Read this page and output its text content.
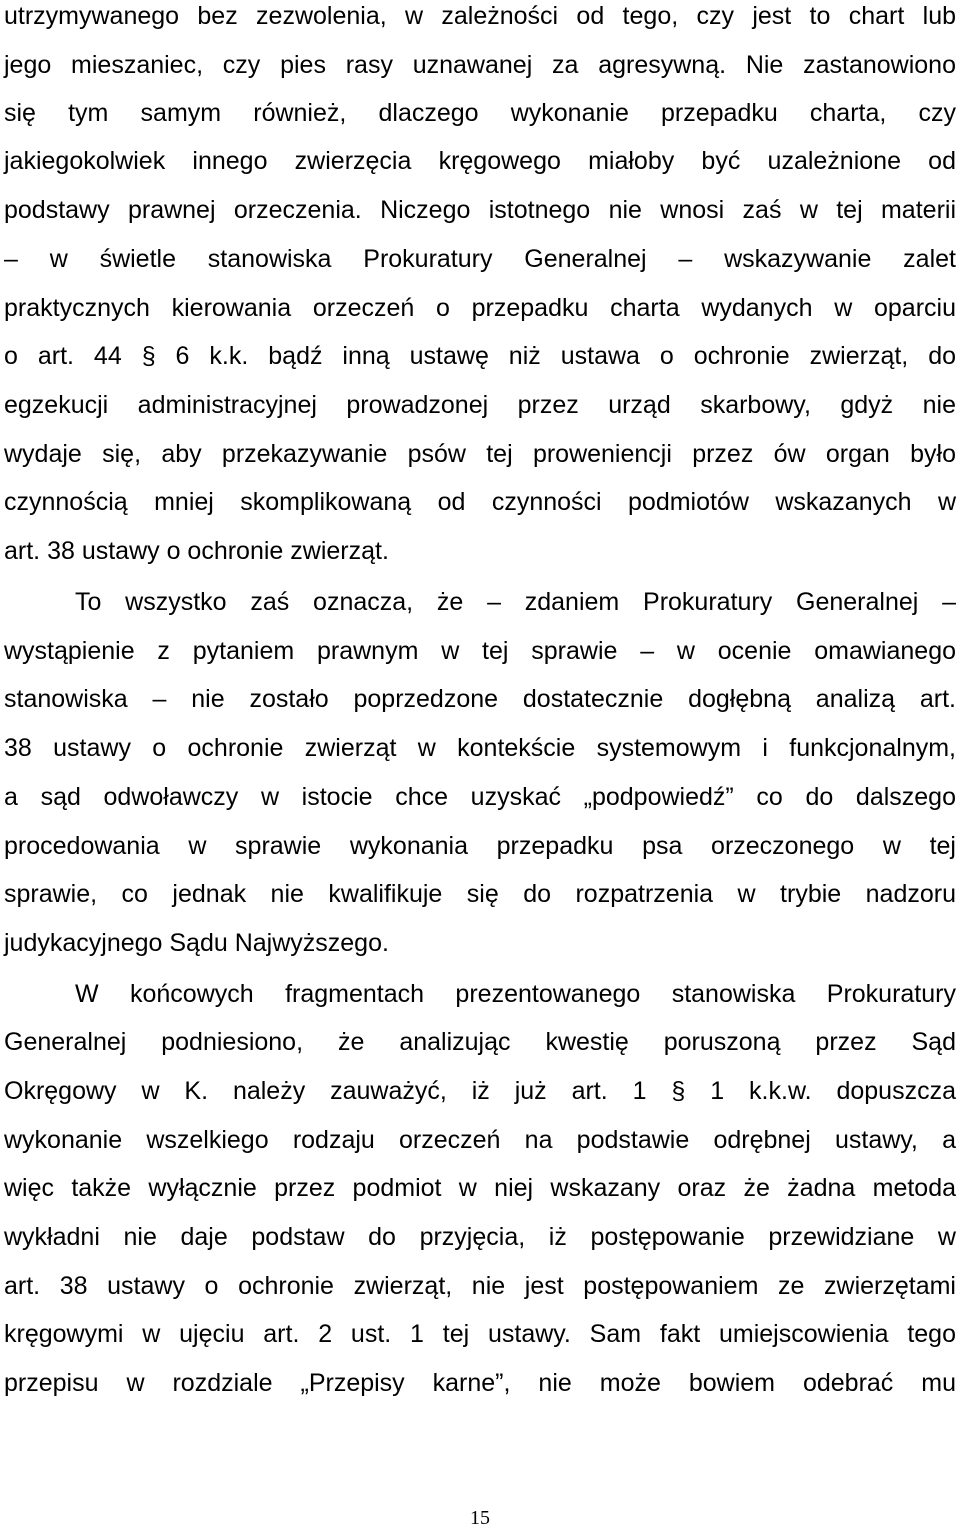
utrzymywanego bez zezwolenia, w zależności od tego, czy jest to chart lub
jego mieszaniec, czy pies rasy uznawanej za agresywną. Nie zastanowiono
się tym samym również, dlaczego wykonanie przepadku charta, czy
jakiegokolwiek innego zwierzęcia kręgowego miałoby być uzależnione od
podstawy prawnej orzeczenia. Niczego istotnego nie wnosi zaś w tej materii
– w świetle stanowiska Prokuratury Generalnej – wskazywanie zalet
praktycznych kierowania orzeczeń o przepadku charta wydanych w oparciu
o art. 44 § 6 k.k. bądź inną ustawę niż ustawa o ochronie zwierząt, do
egzekucji administracyjnej prowadzonej przez urząd skarbowy, gdyż nie
wydaje się, aby przekazywanie psów tej proweniencji przez ów organ było
czynnością mniej skomplikowaną od czynności podmiotów wskazanych w
art. 38 ustawy o ochronie zwierząt.
To wszystko zaś oznacza, że – zdaniem Prokuratury Generalnej –
wystąpienie z pytaniem prawnym w tej sprawie – w ocenie omawianego
stanowiska – nie zostało poprzedzone dostatecznie dogłębną analizą art.
38 ustawy o ochronie zwierząt w kontekście systemowym i funkcjonalnym,
a sąd odwoławczy w istocie chce uzyskać „podpowiedź” co do dalszego
procedowania w sprawie wykonania przepadku psa orzeczonego w tej
sprawie, co jednak nie kwalifikuje się do rozpatrzenia w trybie nadzoru
judykacyjnego Sądu Najwyższego.
W końcowych fragmentach prezentowanego stanowiska Prokuratury
Generalnej podniesiono, że analizując kwestię poruszoną przez Sąd
Okręgowy w K. należy zauważyć, iż już art. 1 § 1 k.k.w. dopuszcza
wykonanie wszelkiego rodzaju orzeczeń na podstawie odrębnej ustawy, a
więc także wyłącznie przez podmiot w niej wskazany oraz że żadna metoda
wykładni nie daje podstaw do przyjęcia, iż postępowanie przewidziane w
art. 38 ustawy o ochronie zwierząt, nie jest postępowaniem ze zwierzętami
kręgowymi w ujęciu art. 2 ust. 1 tej ustawy. Sam fakt umiejscowienia tego
przepisu w rozdziale „Przepisy karne”, nie może bowiem odebrać mu
15
